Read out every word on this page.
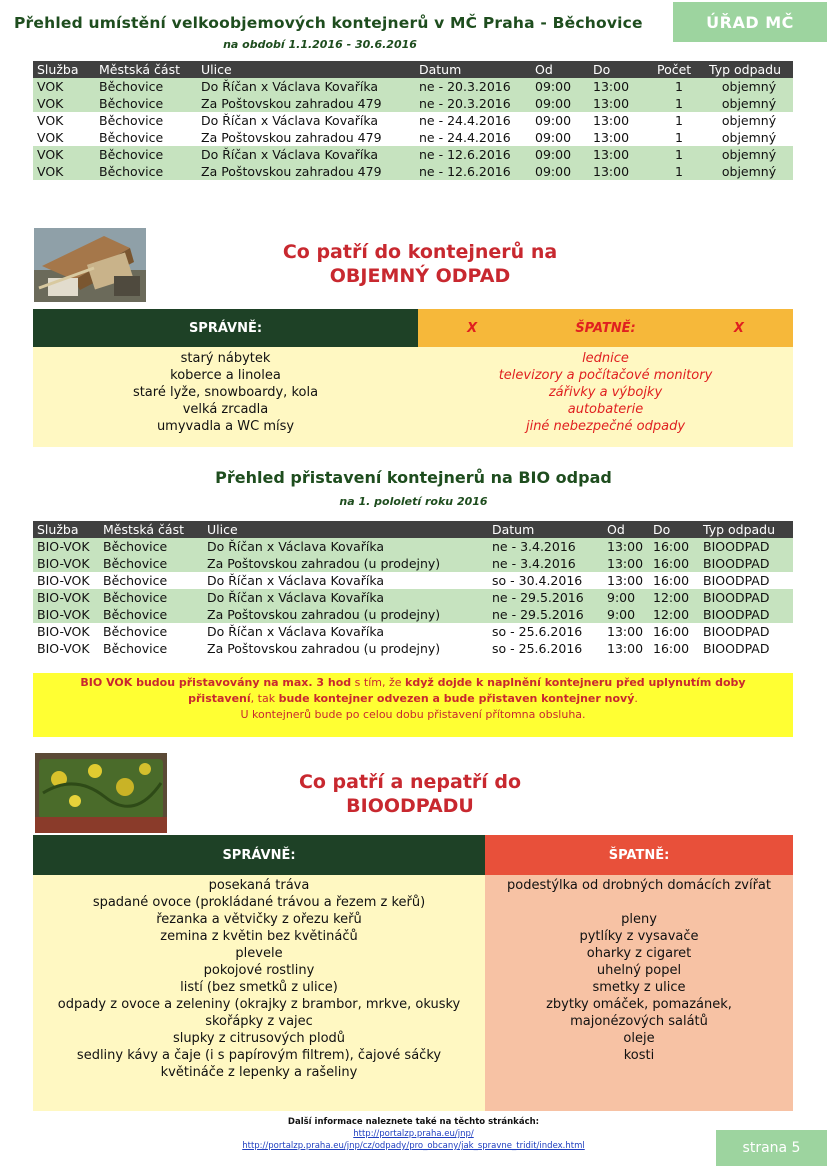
ÚŘAD MČ
Přehled umístění velkoobjemových kontejnerů v MČ Praha - Běchovice
na období 1.1.2016 - 30.6.2016
Služba	Městská část	Ulice	Datum	Od	Do	Počet	Typ odpadu
VOK	Běchovice	Do Říčan x Václava Kovaříka	ne - 20.3.2016	09:00	13:00	1	objemný
VOK	Běchovice	Za Poštovskou zahradou 479	ne - 20.3.2016	09:00	13:00	1	objemný
VOK	Běchovice	Do Říčan x Václava Kovaříka	ne - 24.4.2016	09:00	13:00	1	objemný
VOK	Běchovice	Za Poštovskou zahradou 479	ne - 24.4.2016	09:00	13:00	1	objemný
VOK	Běchovice	Do Říčan x Václava Kovaříka	ne - 12.6.2016	09:00	13:00	1	objemný
VOK	Běchovice	Za Poštovskou zahradou 479	ne - 12.6.2016	09:00	13:00	1	objemný
Co patří do kontejnerů na
OBJEMNÝ ODPAD
SPRÁVNĚ:	X	ŠPATNĚ:	X
starý nábytek
koberce a linolea
staré lyže, snowboardy, kola
velká zrcadla
umyvadla a WC mísy
lednice
televizory a počítačové monitory
zářivky a výbojky
autobaterie
jiné nebezpečné odpady
Přehled přistavení kontejnerů na BIO odpad
na 1. pololetí roku 2016
Služba	Městská část	Ulice	Datum	Od	Do	Typ odpadu
BIO-VOK	Běchovice	Do Říčan x Václava Kovaříka	ne - 3.4.2016	13:00	16:00	BIOODPAD
BIO-VOK	Běchovice	Za Poštovskou zahradou (u prodejny)	ne - 3.4.2016	13:00	16:00	BIOODPAD
BIO-VOK	Běchovice	Do Říčan x Václava Kovaříka	so - 30.4.2016	13:00	16:00	BIOODPAD
BIO-VOK	Běchovice	Do Říčan x Václava Kovaříka	ne - 29.5.2016	9:00	12:00	BIOODPAD
BIO-VOK	Běchovice	Za Poštovskou zahradou (u prodejny)	ne - 29.5.2016	9:00	12:00	BIOODPAD
BIO-VOK	Běchovice	Do Říčan x Václava Kovaříka	so - 25.6.2016	13:00	16:00	BIOODPAD
BIO-VOK	Běchovice	Za Poštovskou zahradou (u prodejny)	so - 25.6.2016	13:00	16:00	BIOODPAD
BIO VOK budou přistavovány na max. 3 hod s tím, že když dojde k naplnění kontejneru před uplynutím doby
přistavení, tak bude kontejner odvezen a bude přistaven kontejner nový.
U kontejnerů bude po celou dobu přistavení přítomna obsluha.
Co patří a nepatří do
BIOODPADU
SPRÁVNĚ:	ŠPATNĚ:
posekaná tráva
spadané ovoce (prokládané trávou a řezem z keřů)
řezanka a větvičky z ořezu keřů
zemina z květin bez květináčů
plevele
pokojové rostliny
listí (bez smetků z ulice)
odpady z ovoce a zeleniny (okrajky z brambor, mrkve, okusky
skořápky z vajec
slupky z citrusových plodů
sedliny kávy a čaje (i s papírovým filtrem), čajové sáčky
květináče z lepenky a rašeliny
podestýlka od drobných domácích zvířat
pleny
pytlíky z vysavače
oharky z cigaret
uhelný popel
smetky z ulice
zbytky omáček, pomazánek,
majonézových salátů
oleje
kosti
Další informace naleznete také na těchto stránkách:
http://portalzp.praha.eu/jnp/
http://portalzp.praha.eu/jnp/cz/odpady/pro_obcany/jak_spravne_tridit/index.html	strana 5
